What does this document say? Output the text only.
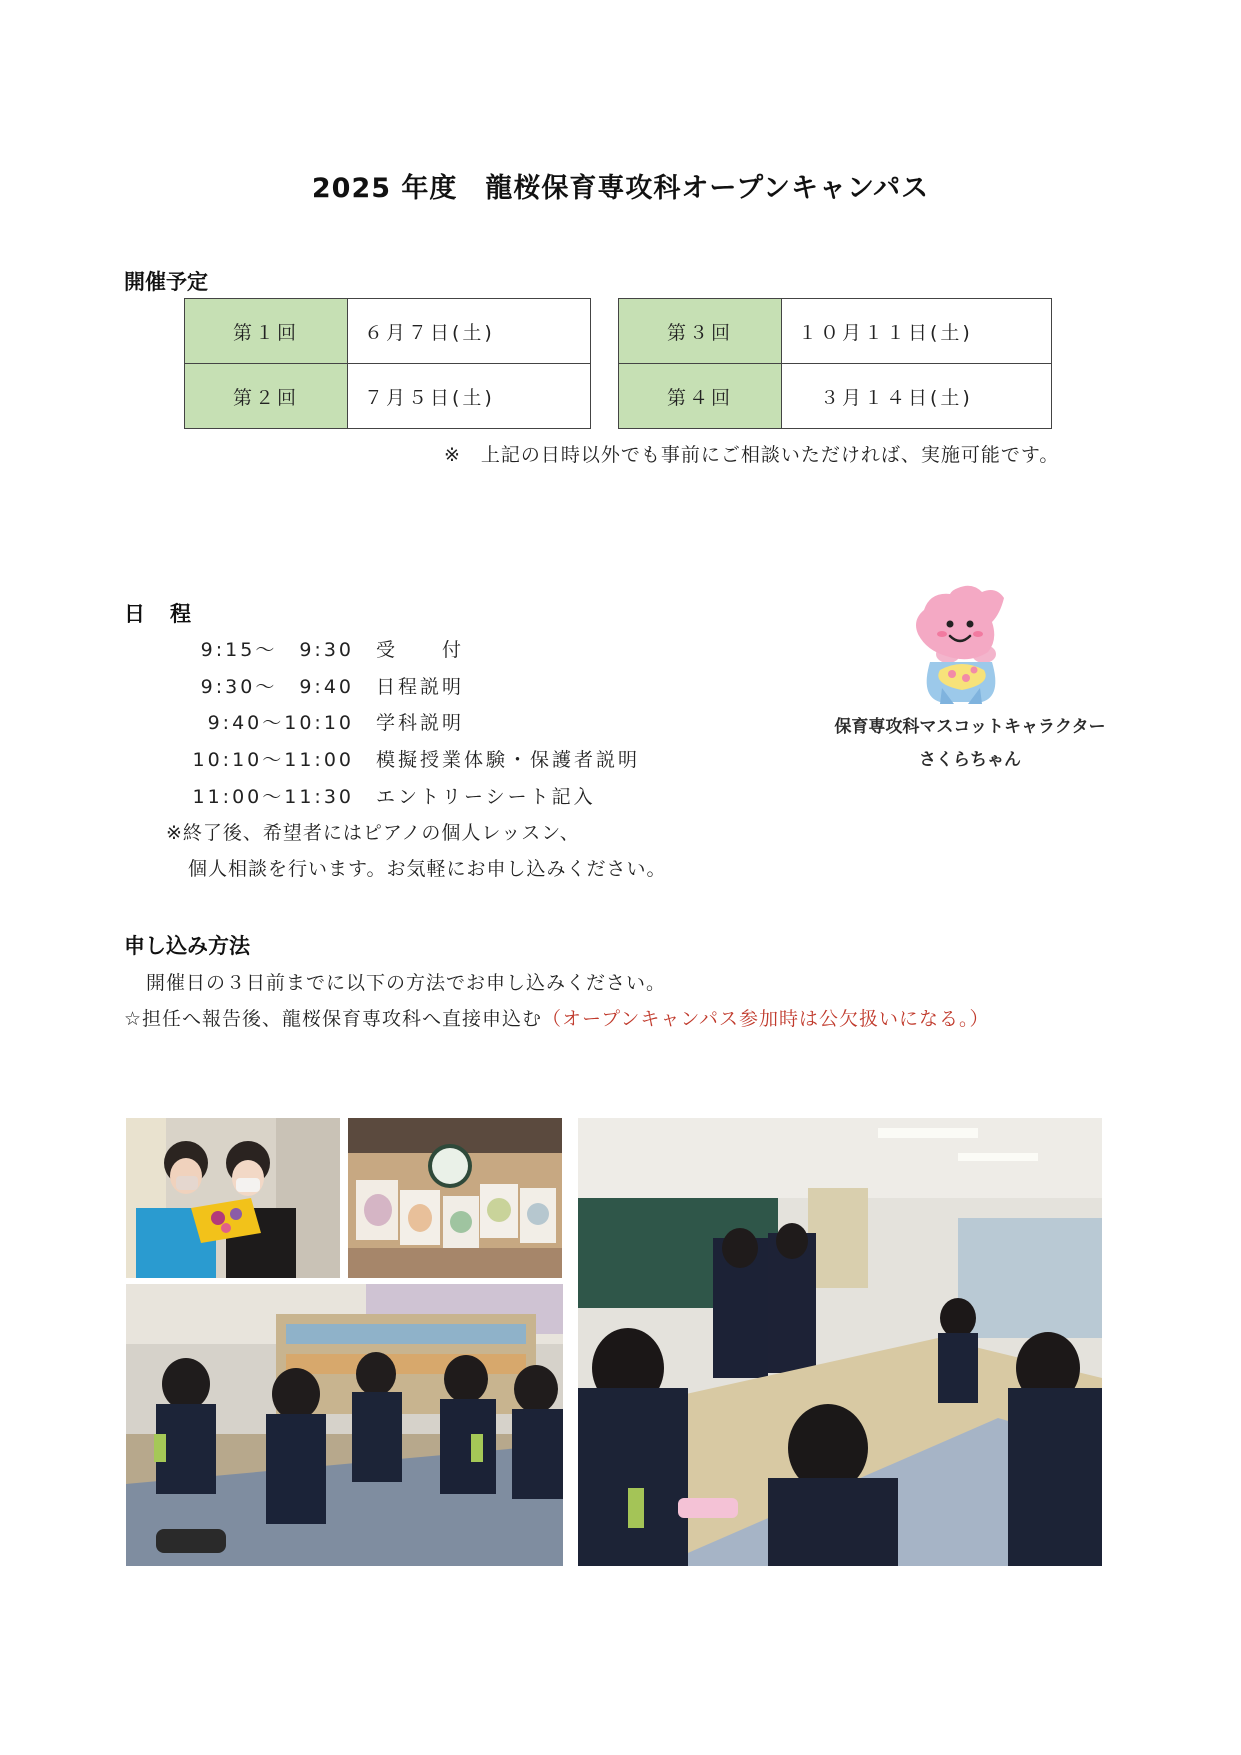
2025 年度　龍桜保育専攻科オープンキャンパス
開催予定
第１回	６月７日(土)
第２回	７月５日(土)
第３回	１０月１１日(土)
第４回	　３月１４日(土)
※　上記の日時以外でも事前にご相談いただければ、実施可能です。
日　程
9:15～　9:30 受　　付
9:30～　9:40 日程説明
9:40～10:10 学科説明
10:10～11:00 模擬授業体験・保護者説明
11:00～11:30 エントリーシート記入
※終了後、希望者にはピアノの個人レッスン、
個人相談を行います。お気軽にお申し込みください。
保育専攻科マスコットキャラクター
さくらちゃん
申し込み方法
開催日の３日前までに以下の方法でお申し込みください。
☆担任へ報告後、龍桜保育専攻科へ直接申込む（オープンキャンパス参加時は公欠扱いになる。）
